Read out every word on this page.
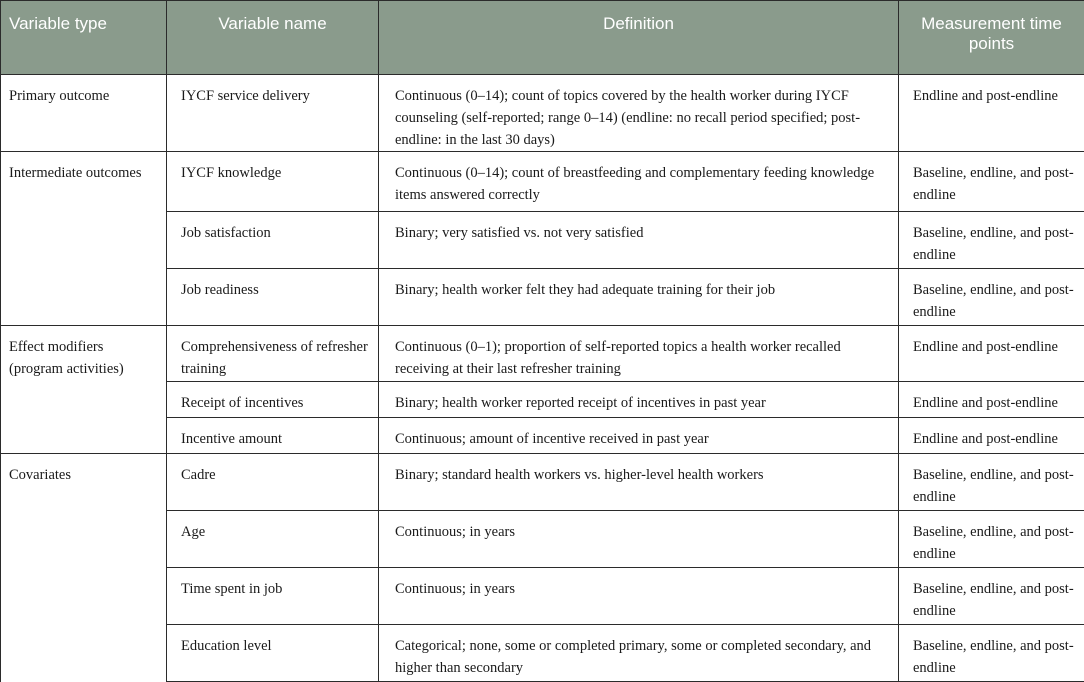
Variable type	Variable name	Definition	Measurement time points
Primary outcome	IYCF service delivery	Continuous (0–14); count of topics covered by the health worker during IYCF counseling (self-reported; range 0–14) (endline: no recall period specified; post-endline: in the last 30 days)	Endline and post-endline
Intermediate outcomes	IYCF knowledge	Continuous (0–14); count of breastfeeding and complementary feeding knowledge items answered correctly	Baseline, endline, and post-endline
	Job satisfaction	Binary; very satisfied vs. not very satisfied	Baseline, endline, and post-endline
	Job readiness	Binary; health worker felt they had adequate training for their job	Baseline, endline, and post-endline
Effect modifiers (program activities)	Comprehensiveness of refresher training	Continuous (0–1); proportion of self-reported topics a health worker recalled receiving at their last refresher training	Endline and post-endline
	Receipt of incentives	Binary; health worker reported receipt of incentives in past year	Endline and post-endline
	Incentive amount	Continuous; amount of incentive received in past year	Endline and post-endline
Covariates	Cadre	Binary; standard health workers vs. higher-level health workers	Baseline, endline, and post-endline
	Age	Continuous; in years	Baseline, endline, and post-endline
	Time spent in job	Continuous; in years	Baseline, endline, and post-endline
	Education level	Categorical; none, some or completed primary, some or completed secondary, and higher than secondary	Baseline, endline, and post-endline
